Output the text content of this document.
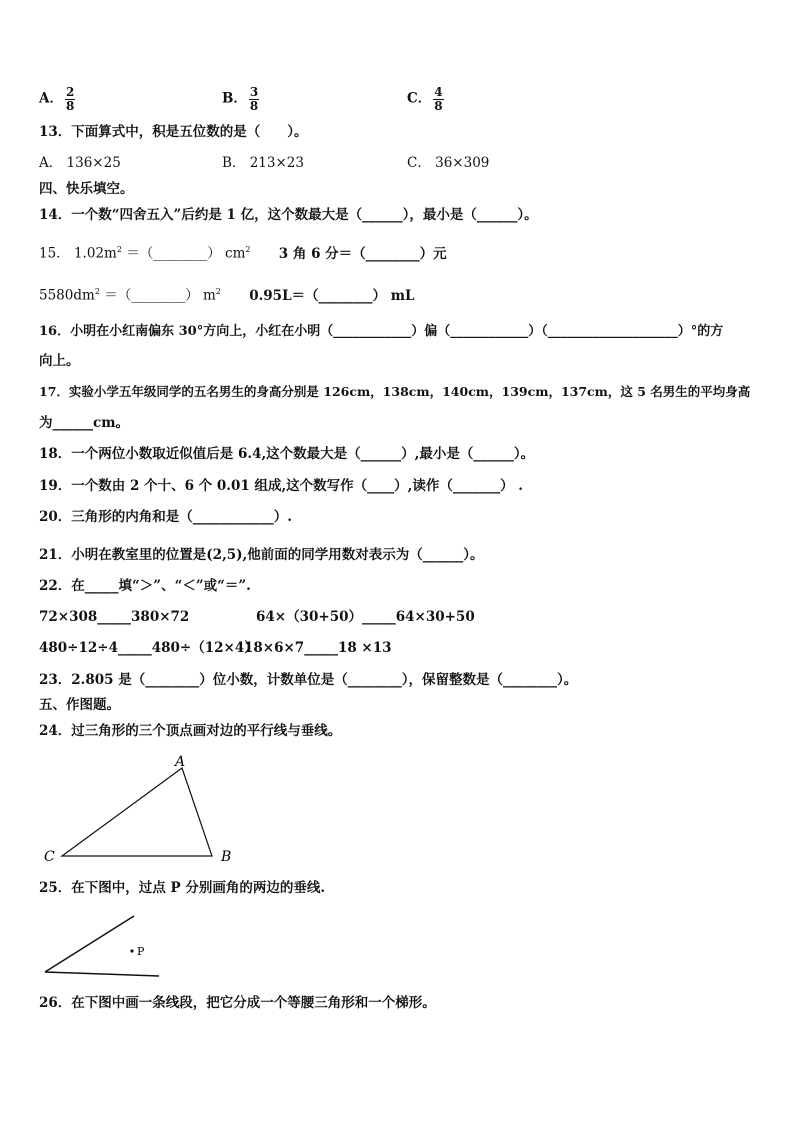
A． $\frac{2}{8}$	B． $\frac{3}{8}$	C． $\frac{4}{8}$
13．下面算式中，积是五位数的是（　　）。
A． 136×25	B． 213×23	C． 36×309
四、快乐填空。
14．一个数“四舍五入”后约是 1 亿，这个数最大是（______），最小是（______）。
15． $1.02m^2$ ＝（________） $cm^2$ 3 角 6 分＝（________）元
$5580dm^2$ ＝（________） $m^2$ 0.95L＝（________） mL
16．小明在小红南偏东 30°方向上，小红在小明（____________）偏（____________）（____________________）°的方
向上。
17．实验小学五年级同学的五名男生的身高分别是 126cm，138cm，140cm，139cm，137cm，这 5 名男生的平均身高
为______cm。
18．一个两位小数取近似值后是 6.4,这个数最大是（______）,最小是（______）。
19．一个数由 2 个十、6 个 0.01 组成,这个数写作（____）,读作（_______） .
20．三角形的内角和是（____________）.
21．小明在教室里的位置是(2,5),他前面的同学用数对表示为（______）。
22．在_____填“＞”、“＜”或“＝”.
72×308_____380×72	64×（30+50）_____64×30+50
480÷12÷4_____480÷（12×4）
18×6×7_____18 ×13
23．2.805 是（________）位小数，计数单位是（________），保留整数是（________）。
五、作图题。
24．过三角形的三个顶点画对边的平行线与垂线。
A
B
C
25．在下图中，过点 P 分别画角的两边的垂线.
P
26．在下图中画一条线段，把它分成一个等腰三角形和一个梯形。
